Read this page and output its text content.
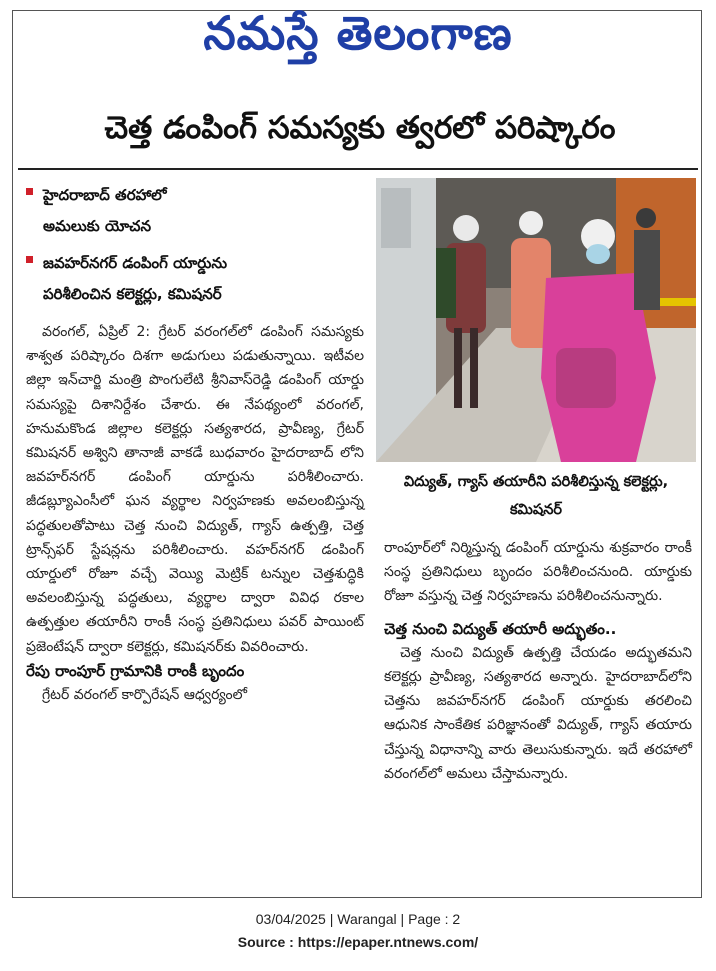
నమస్తే తెలంగాణ
చెత్త డంపింగ్ సమస్యకు త్వరలో పరిష్కారం
హైదరాబాద్ తరహాలో
అమలుకు యోచన
జవహర్‌నగర్ డంపింగ్ యార్డును
పరిశీలించిన కలెక్టర్లు, కమిషనర్

వరంగల్, ఏప్రిల్ 2: గ్రేటర్ వరంగల్‌లో డంపింగ్ సమస్యకు శాశ్వత పరిష్కారం దిశగా అడుగులు పడుతున్నాయి. ఇటీవల జిల్లా ఇన్‌చార్జి మంత్రి పొంగులేటి శ్రీనివాస్‌రెడ్డి డంపింగ్ యార్డు సమస్యపై దిశానిర్దేశం చేశారు. ఈ నేపథ్యంలో వరంగల్, హనుమకొండ జిల్లాల కలెక్టర్లు సత్యశారద, ప్రావీణ్య, గ్రేటర్ కమిషనర్ అశ్విని తానాజీ వాకడే బుధవారం హైదరాబాద్ లోని జవహర్‌నగర్ డంపింగ్ యార్డును పరిశీలించారు. జీడబ్ల్యూఎంసీలో ఘన వ్యర్థాల నిర్వహణకు అవలంబిస్తున్న పద్ధతులతోపాటు చెత్త నుంచి విద్యుత్, గ్యాస్ ఉత్పత్తి, చెత్త ట్రాన్స్‌ఫర్ స్టేషన్లను పరిశీలించారు. వహర్‌నగర్ డంపింగ్ యార్డులో రోజూ వచ్చే వెయ్యి మెట్రిక్ టన్నుల చెత్తశుద్ధికి అవలంబిస్తున్న పద్ధతులు, వ్యర్థాల ద్వారా వివిధ రకాల ఉత్పత్తుల తయారీని రాంకీ సంస్థ ప్రతినిధులు పవర్ పాయింట్ ప్రజెంటేషన్ ద్వారా కలెక్టర్లు, కమిషనర్‌కు వివరించారు.

రేపు రాంపూర్ గ్రామానికి రాంకీ బృందం

గ్రేటర్ వరంగల్ కార్పొరేషన్ ఆధ్వర్యంలో

విద్యుత్, గ్యాస్ తయారీని పరిశీలిస్తున్న కలెక్టర్లు, కమిషనర్

రాంపూర్‌లో నిర్మిస్తున్న డంపింగ్ యార్డును శుక్రవారం రాంకీ సంస్థ ప్రతినిధులు బృందం పరిశీలించనుంది. యార్డుకు రోజూ వస్తున్న చెత్త నిర్వహణను పరిశీలించనున్నారు.

చెత్త నుంచి విద్యుత్ తయారీ అద్భుతం..

చెత్త నుంచి విద్యుత్ ఉత్పత్తి చేయడం అద్భుతమని కలెక్టర్లు ప్రావీణ్య, సత్యశారద అన్నారు. హైదరాబాద్‌లోని చెత్తను జవహర్‌నగర్ డంపింగ్ యార్డుకు తరలించి ఆధునిక సాంకేతిక పరిజ్ఞానంతో విద్యుత్, గ్యాస్ తయారు చేస్తున్న విధానాన్ని వారు తెలుసుకున్నారు. ఇదే తరహాలో వరంగల్‌లో అమలు చేస్తామన్నారు.

03/04/2025 | Warangal | Page : 2
Source : https://epaper.ntnews.com/
